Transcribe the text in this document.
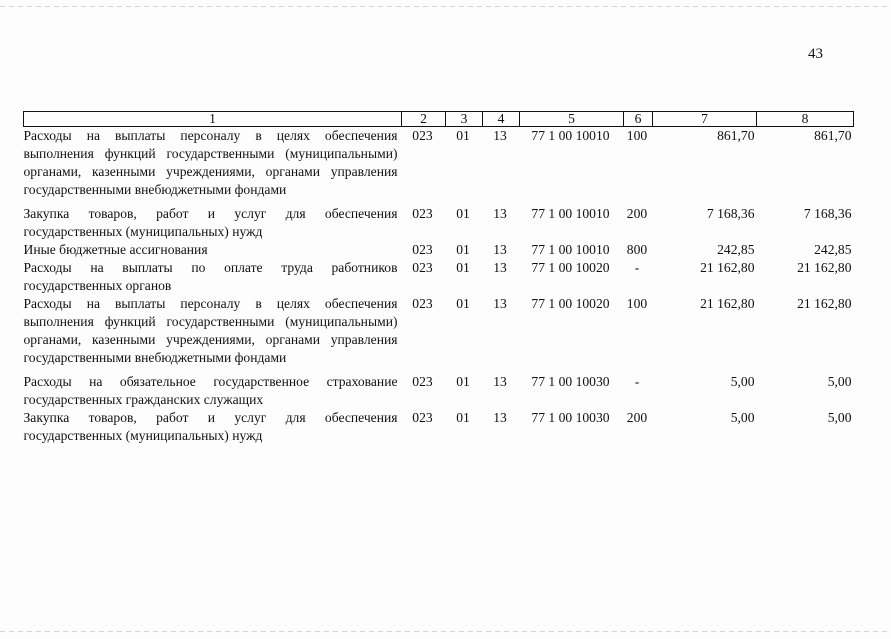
43
1	2	3	4	5	6	7	8
Расходы на выплаты персоналу в целях обеспечения выполнения функций государственными (муниципальными) органами, казенными учреждениями, органами управления государственными внебюджетными фондами	023	01	13	77 1 00 10010	100	861,70	861,70
Закупка товаров, работ и услуг для обеспечения государственных (муниципальных) нужд	023	01	13	77 1 00 10010	200	7 168,36	7 168,36
Иные бюджетные ассигнования	023	01	13	77 1 00 10010	800	242,85	242,85
Расходы на выплаты по оплате труда работников государственных органов	023	01	13	77 1 00 10020	-	21 162,80	21 162,80
Расходы на выплаты персоналу в целях обеспечения выполнения функций государственными (муниципальными) органами, казенными учреждениями, органами управления государственными внебюджетными фондами	023	01	13	77 1 00 10020	100	21 162,80	21 162,80
Расходы на обязательное государственное страхование государственных гражданских служащих	023	01	13	77 1 00 10030	-	5,00	5,00
Закупка товаров, работ и услуг для обеспечения государственных (муниципальных) нужд	023	01	13	77 1 00 10030	200	5,00	5,00
